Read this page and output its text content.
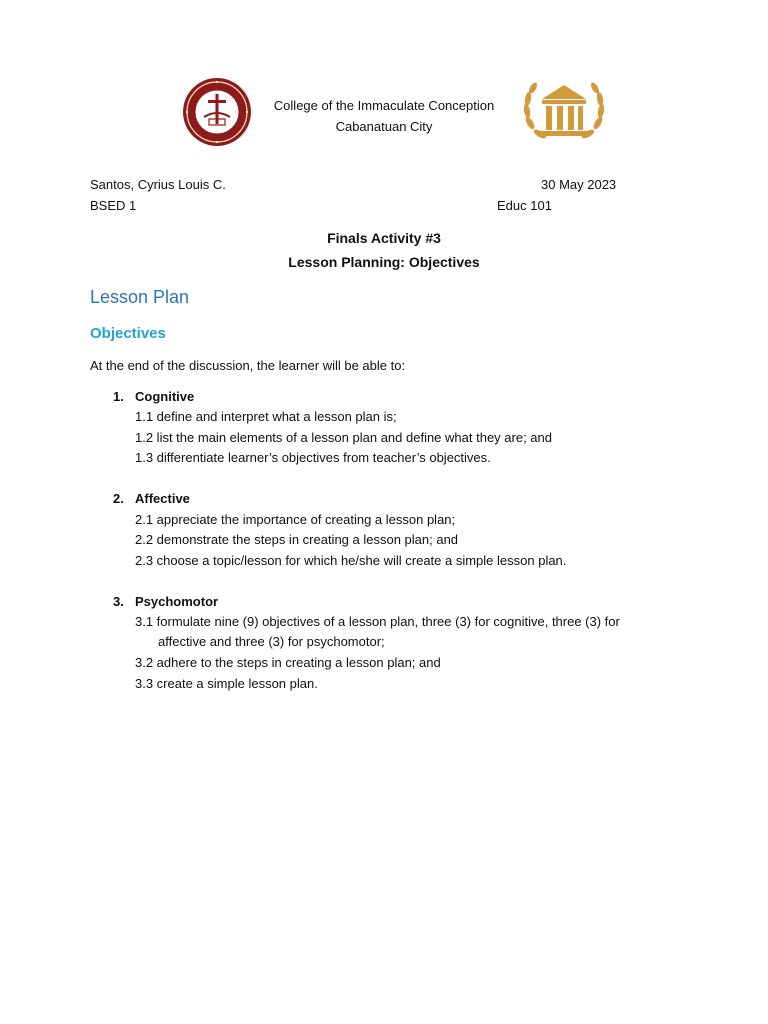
College of the Immaculate Conception
Cabanatuan City
Santos, Cyrius Louis C.	30 May 2023
BSED 1	Educ 101
Finals Activity #3
Lesson Planning: Objectives
Lesson Plan
Objectives
At the end of the discussion, the learner will be able to:
1. Cognitive
1.1 define and interpret what a lesson plan is;
1.2 list the main elements of a lesson plan and define what they are; and
1.3 differentiate learner’s objectives from teacher’s objectives.
2. Affective
2.1 appreciate the importance of creating a lesson plan;
2.2 demonstrate the steps in creating a lesson plan; and
2.3 choose a topic/lesson for which he/she will create a simple lesson plan.
3. Psychomotor
3.1 formulate nine (9) objectives of a lesson plan, three (3) for cognitive, three (3) for
affective and three (3) for psychomotor;
3.2 adhere to the steps in creating a lesson plan; and
3.3 create a simple lesson plan.
